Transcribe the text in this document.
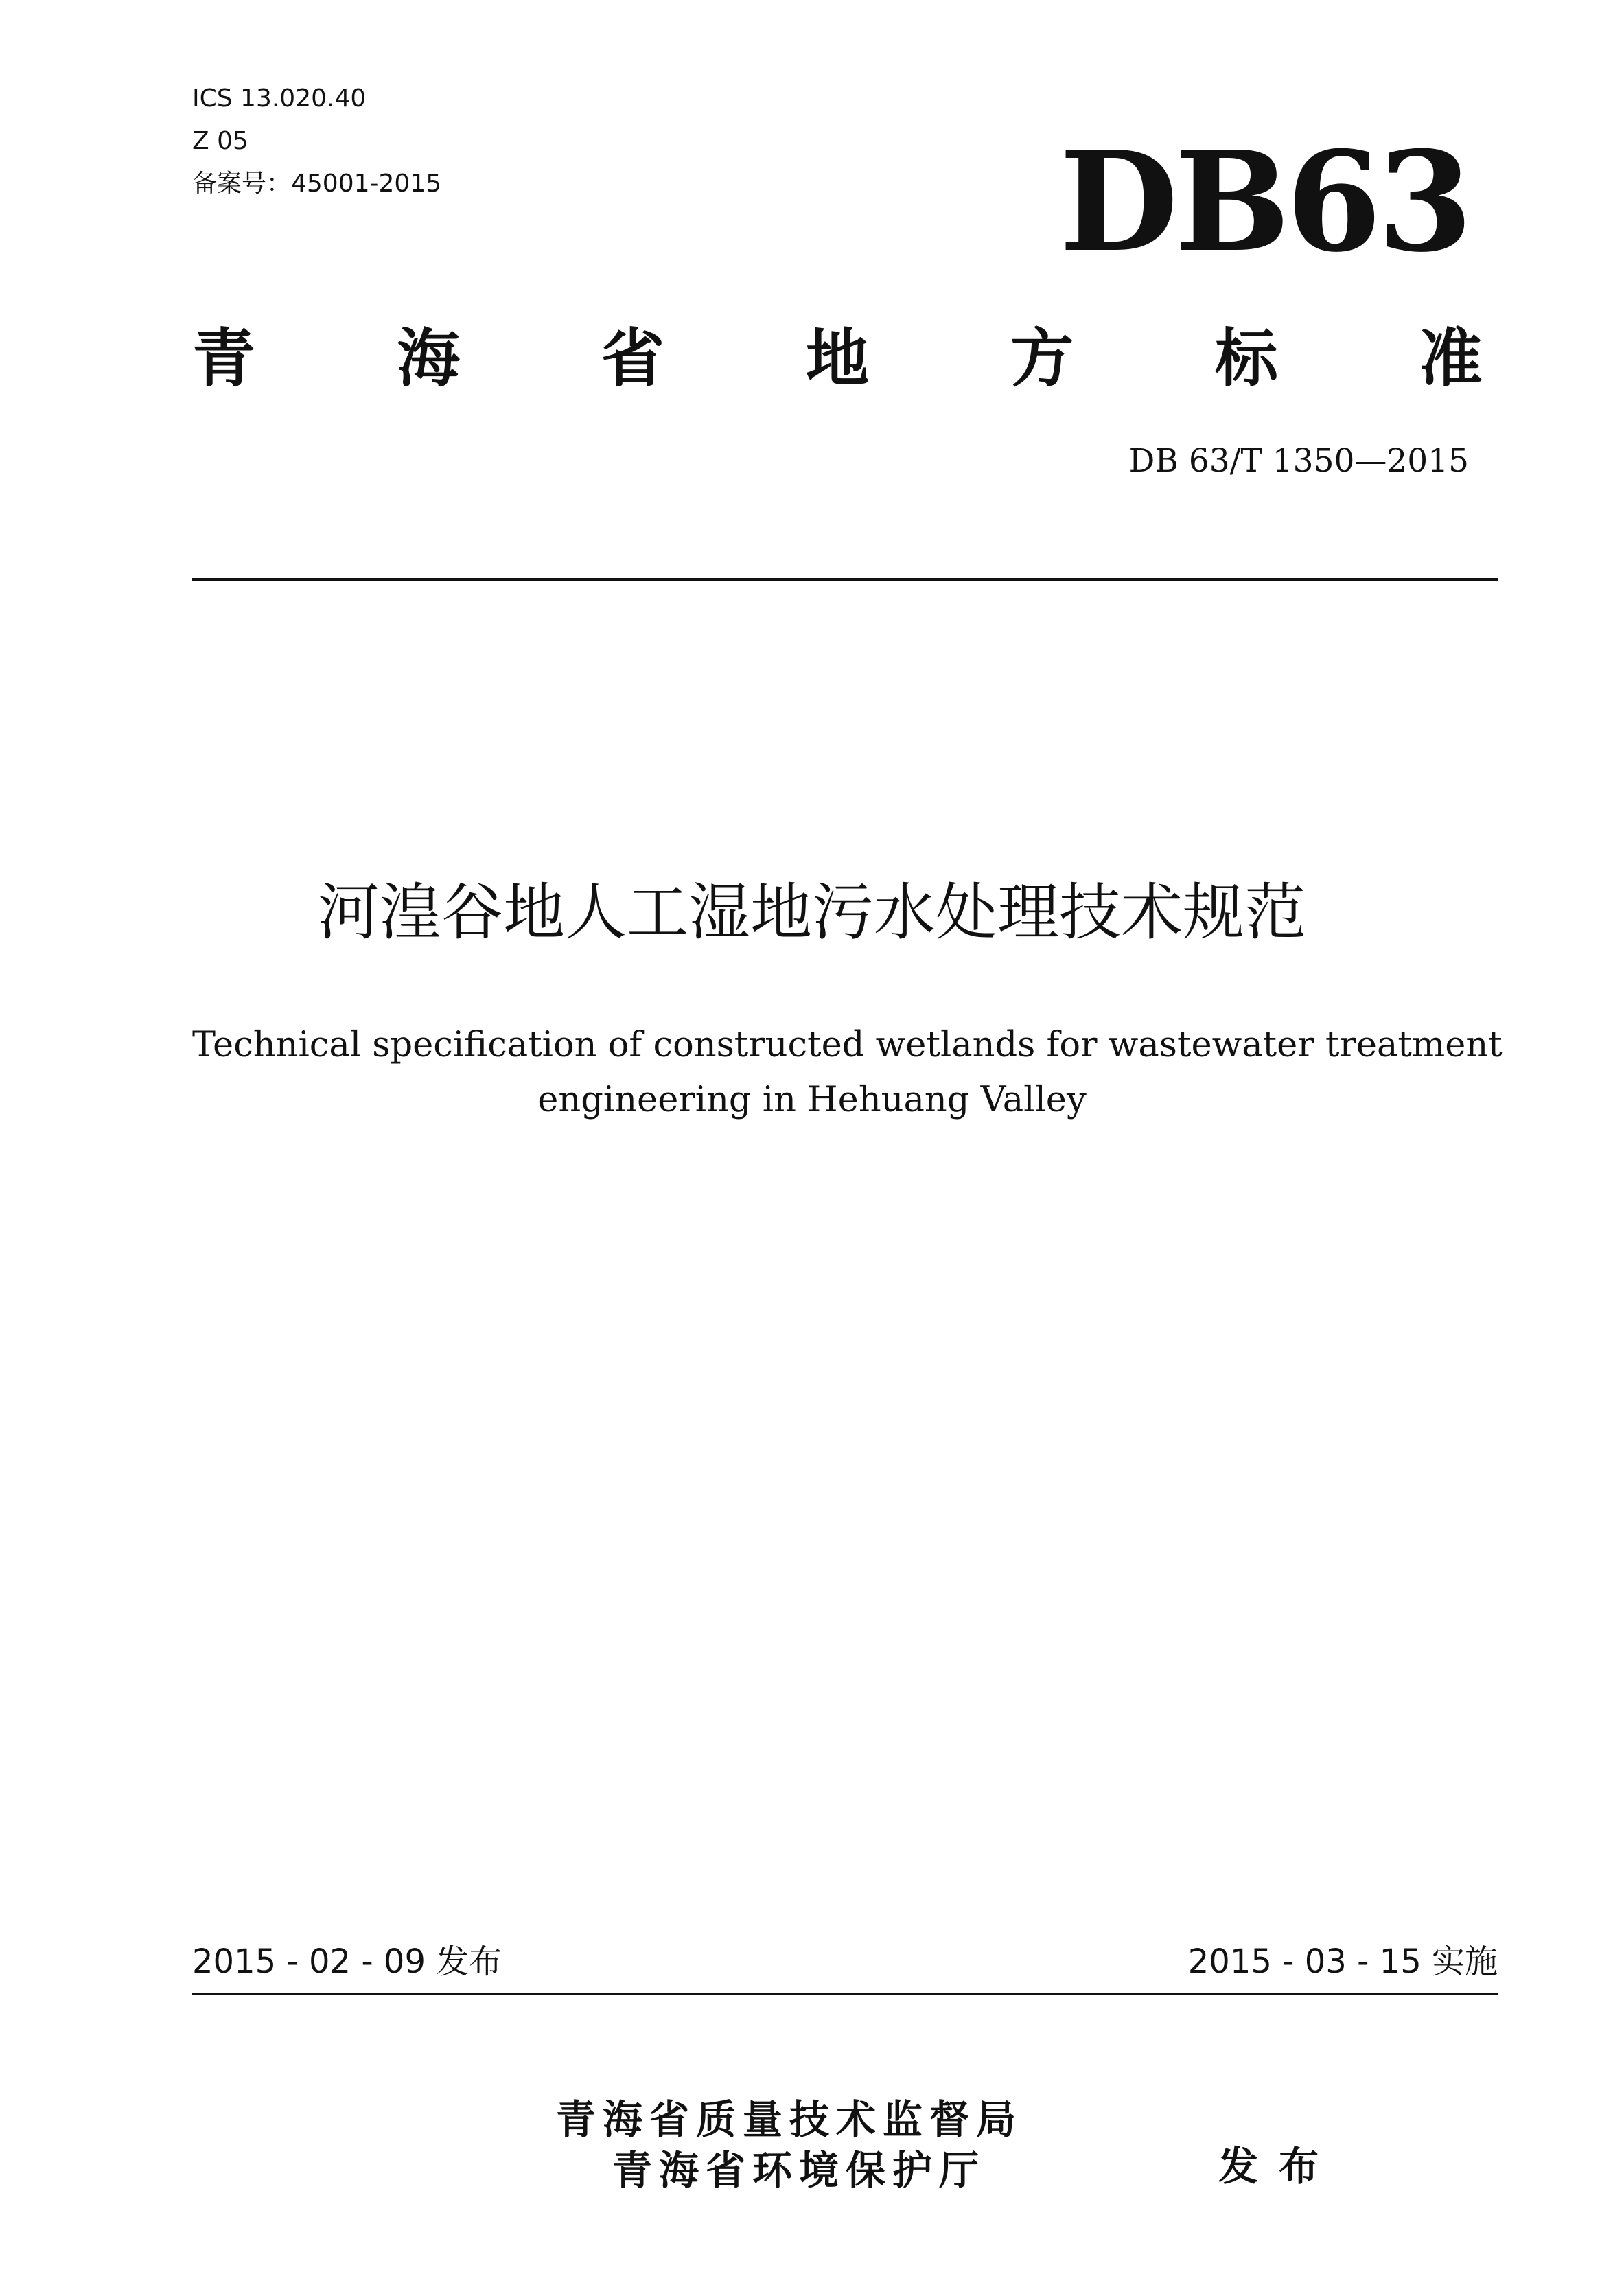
ICS 13.020.40
Z 05
备案号：45001-2015	DB63
青 海 省 地 方 标 准
DB 63/T 1350—2015
河湟谷地人工湿地污水处理技术规范
Technical specification of constructed wetlands for wastewater treatment
engineering in Hehuang Valley
2015 - 02 - 09 发布	2015 - 03 - 15 实施
青海省质量技术监督局
青海省环境保护厅	发布
